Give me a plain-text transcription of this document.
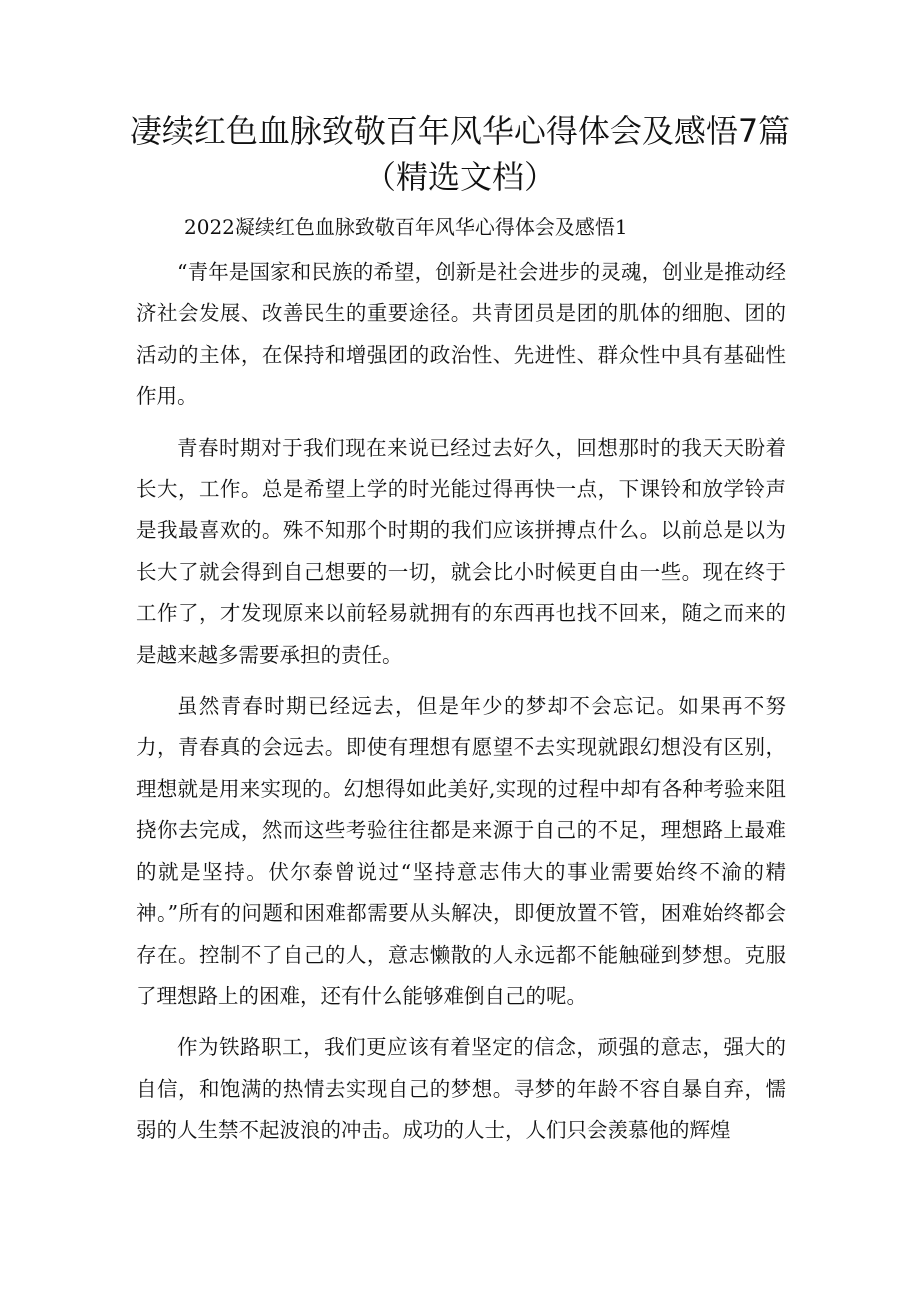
凄续红色血脉致敬百年风华心得体会及感悟7篇（精选文档）
2022凝续红色血脉致敬百年风华心得体会及感悟1

“青年是国家和民族的希望，创新是社会进步的灵魂，创业是推动经济社会发展、改善民生的重要途径。共青团员是团的肌体的细胞、团的活动的主体，在保持和增强团的政治性、先进性、群众性中具有基础性作用。

青春时期对于我们现在来说已经过去好久，回想那时的我天天盼着长大，工作。总是希望上学的时光能过得再快一点，下课铃和放学铃声是我最喜欢的。殊不知那个时期的我们应该拼搏点什么。以前总是以为长大了就会得到自己想要的一切，就会比小时候更自由一些。现在终于工作了，才发现原来以前轻易就拥有的东西再也找不回来，随之而来的是越来越多需要承担的责任。

虽然青春时期已经远去，但是年少的梦却不会忘记。如果再不努力，青春真的会远去。即使有理想有愿望不去实现就跟幻想没有区别，理想就是用来实现的。幻想得如此美好,实现的过程中却有各种考验来阻挠你去完成，然而这些考验往往都是来源于自己的不足，理想路上最难的就是坚持。伏尔泰曾说过“坚持意志伟大的事业需要始终不渝的精神。”所有的问题和困难都需要从头解决，即便放置不管，困难始终都会存在。控制不了自己的人，意志懒散的人永远都不能触碰到梦想。克服了理想路上的困难，还有什么能够难倒自己的呢。

作为铁路职工，我们更应该有着坚定的信念，顽强的意志，强大的自信，和饱满的热情去实现自己的梦想。寻梦的年龄不容自暴自弃，懦弱的人生禁不起波浪的冲击。成功的人士，人们只会羡慕他的辉煌
